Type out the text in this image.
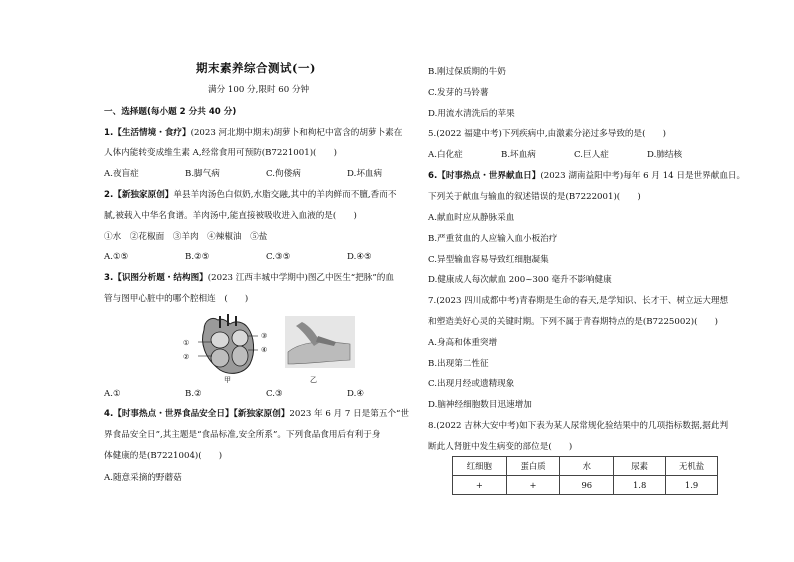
期末素养综合测试(一)
满分 100 分,限时 60 分钟
一、选择题(每小题 2 分共 40 分)
1.【生活情境・食疗】(2023 河北期中期末)胡萝卜和枸杞中富含的胡萝卜素在
人体内能转变成维生素 A,经常食用可预防(B7221001)(　　)
A.夜盲症	B.脚气病	C.佝偻病	D.坏血病
2.【新独家原创】单县羊肉汤色白似奶,水脂交融,其中的羊肉鲜而不膻,香而不
腻,被载入中华名食谱。羊肉汤中,能直接被吸收进入血液的是(　　)
①水　②花椒面　③羊肉　④辣椒油　⑤盐
A.①⑤	B.②⑤	C.③⑤	D.④⑤
3.【识图分析题・结构图】(2023 江西丰城中学期中)图乙中医生“把脉”的血
管与图甲心脏中的哪个腔相连　(　　)
①
②
③
④
甲	乙
A.①	B.②	C.③	D.④
4.【时事热点・世界食品安全日】【新独家原创】2023 年 6 月 7 日是第五个“世
界食品安全日”,其主题是“食品标准,安全所系”。下列食品食用后有利于身
体健康的是(B7221004)(　　)
A.随意采摘的野蘑菇
B.刚过保质期的牛奶
C.发芽的马铃薯
D.用流水清洗后的苹果
5.(2022 福建中考)下列疾病中,由激素分泌过多导致的是(　　)
A.白化症	B.坏血病	C.巨人症	D.肺结核
6.【时事热点・世界献血日】(2023 湖南益阳中考)每年 6 月 14 日是世界献血日。
下列关于献血与输血的叙述错误的是(B7222001)(　　)
A.献血时应从静脉采血
B.严重贫血的人应输入血小板治疗
C.异型输血容易导致红细胞凝集
D.健康成人每次献血 200~300 毫升不影响健康
7.(2023 四川成都中考)青春期是生命的春天,是学知识、长才干、树立远大理想
和塑造美好心灵的关键时期。下列不属于青春期特点的是(B7225002)(　　)
A.身高和体重突增
B.出现第二性征
C.出现月经或遗精现象
D.脑神经细胞数目迅速增加
8.(2022 吉林大安中考)如下表为某人尿常规化验结果中的几项指标数据,据此判
断此人肾脏中发生病变的部位是(　　)
红细胞	蛋白质	水	尿素	无机盐
+	+	96	1.8	1.9
